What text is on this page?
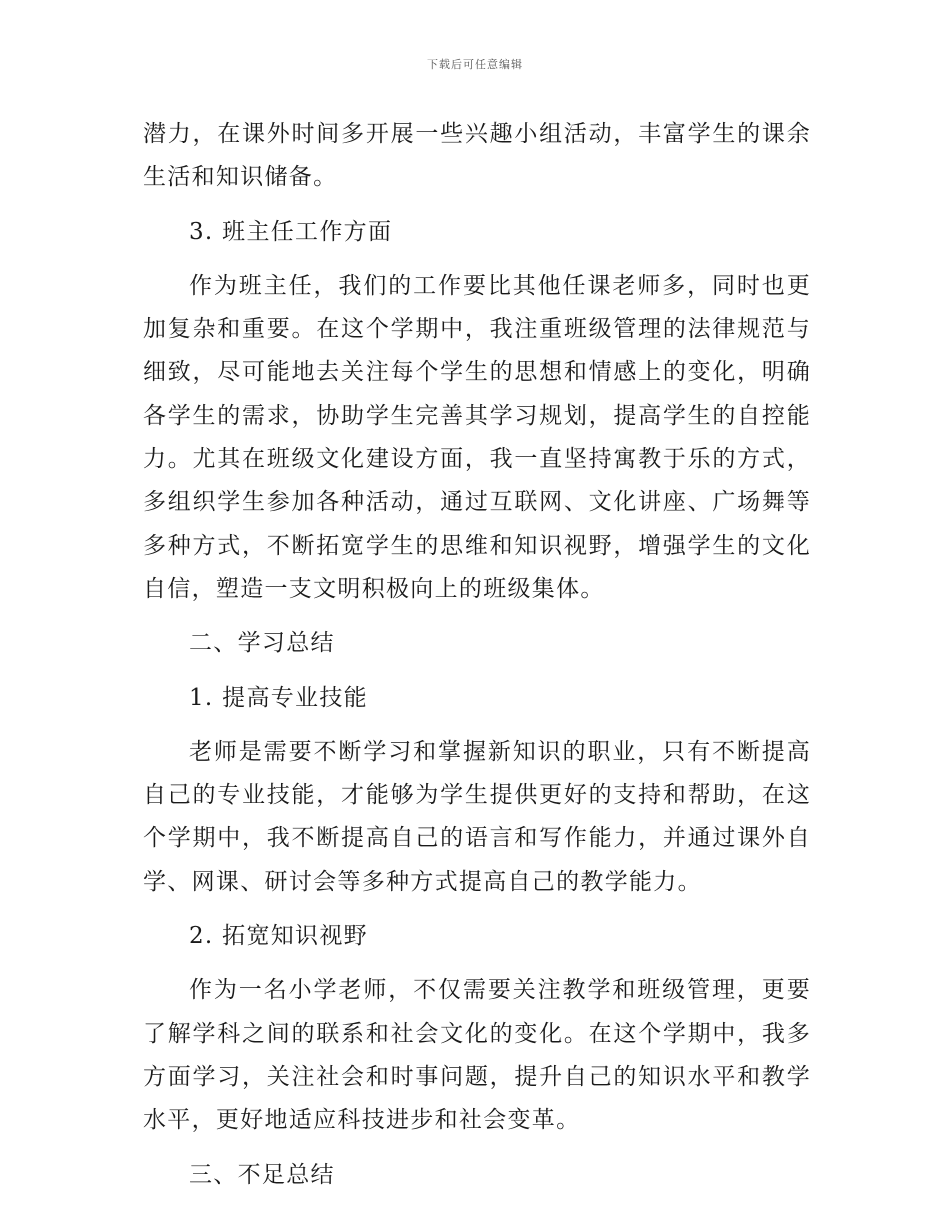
下载后可任意编辑

潜力，在课外时间多开展一些兴趣小组活动，丰富学生的课余生活和知识储备。

3. 班主任工作方面

作为班主任，我们的工作要比其他任课老师多，同时也更加复杂和重要。在这个学期中，我注重班级管理的法律规范与细致，尽可能地去关注每个学生的思想和情感上的变化，明确各学生的需求，协助学生完善其学习规划，提高学生的自控能力。尤其在班级文化建设方面，我一直坚持寓教于乐的方式，多组织学生参加各种活动，通过互联网、文化讲座、广场舞等多种方式，不断拓宽学生的思维和知识视野，增强学生的文化自信，塑造一支文明积极向上的班级集体。

二、学习总结

1. 提高专业技能

老师是需要不断学习和掌握新知识的职业，只有不断提高自己的专业技能，才能够为学生提供更好的支持和帮助，在这个学期中，我不断提高自己的语言和写作能力，并通过课外自学、网课、研讨会等多种方式提高自己的教学能力。

2. 拓宽知识视野

作为一名小学老师，不仅需要关注教学和班级管理，更要了解学科之间的联系和社会文化的变化。在这个学期中，我多方面学习，关注社会和时事问题，提升自己的知识水平和教学水平，更好地适应科技进步和社会变革。

三、不足总结
